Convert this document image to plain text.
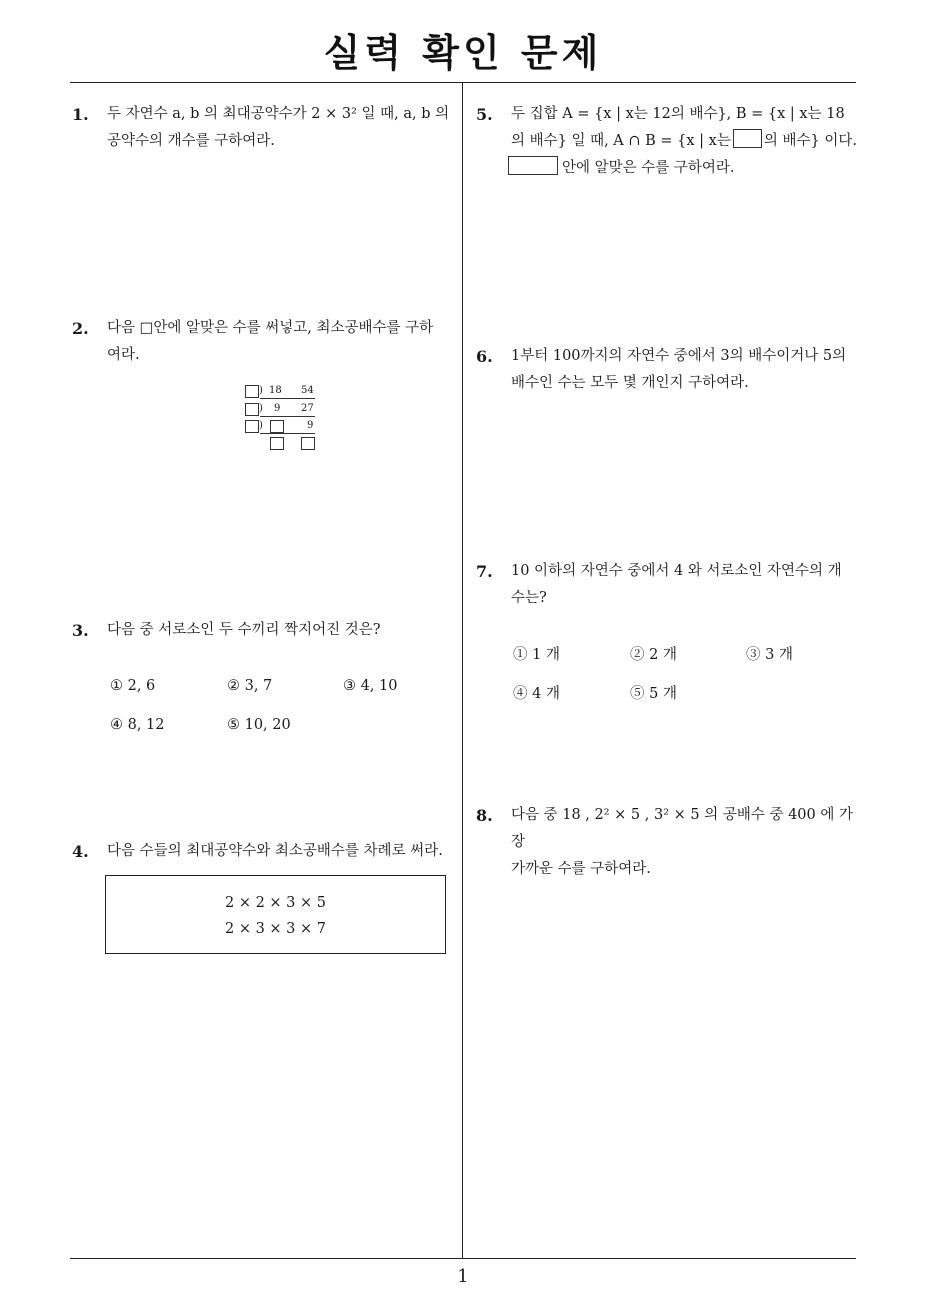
실력 확인 문제
1. 두 자연수 a, b 의 최대공약수가 2 × 3² 일 때, a, b 의

공약수의 개수를 구하여라.

2. 다음 □안에 알맞은 수를 써넣고, 최소공배수를 구하

여라.

) 18 54
) 9 27
)	9
3. 다음 중 서로소인 두 수끼리 짝지어진 것은?

① 2, 6	② 3, 7	③ 4, 10
④ 8, 12	⑤ 10, 20
4. 다음 수들의 최대공약수와 최소공배수를 차례로 써라.

2 × 2 × 3 × 5
2 × 3 × 3 × 7
5. 두 집합 A = {x | x는 12의 배수}, B = {x | x는 18

의 배수} 일 때, A ∩ B = {x | x는 의 배수} 이다.

안에 알맞은 수를 구하여라.

6. 1부터 100까지의 자연수 중에서 3의 배수이거나 5의

배수인 수는 모두 몇 개인지 구하여라.

7. 10 이하의 자연수 중에서 4 와 서로소인 자연수의 개

수는?

① 1 개	② 2 개	③ 3 개
④ 4 개	⑤ 5 개
8. 다음 중 18 , 2² × 5 , 3² × 5 의 공배수 중 400 에 가장

가까운 수를 구하여라.

1
